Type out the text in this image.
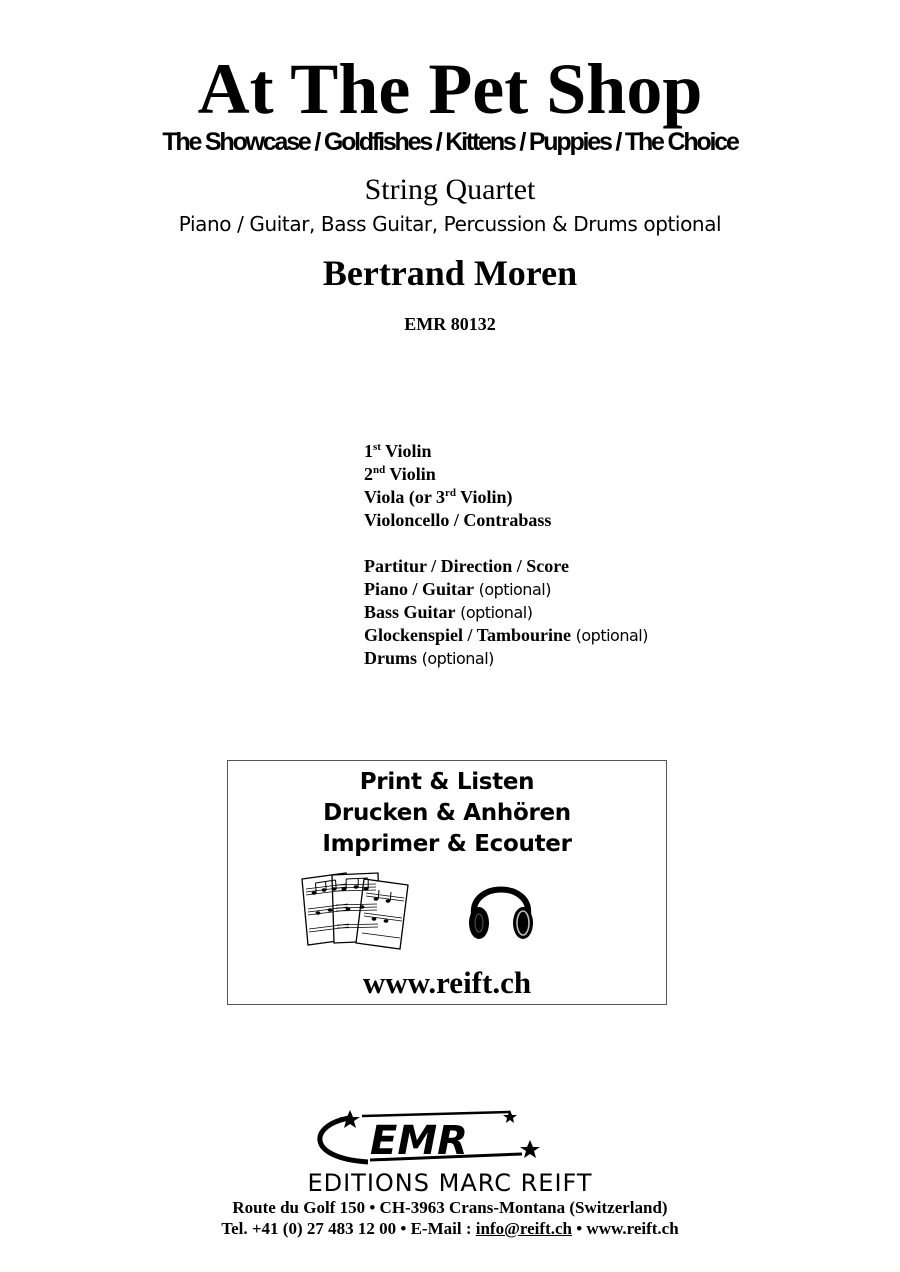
At The Pet Shop
The Showcase / Goldfishes / Kittens / Puppies / The Choice
String Quartet
Piano / Guitar, Bass Guitar, Percussion & Drums optional
Bertrand Moren
EMR 80132
1st Violin
2nd Violin
Viola (or 3rd Violin)
Violoncello / Contrabass
Partitur / Direction / Score
Piano / Guitar (optional)
Bass Guitar (optional)
Glockenspiel / Tambourine (optional)
Drums (optional)
Print & Listen
Drucken & Anhören
Imprimer & Ecouter
www.reift.ch
EMR
EDITIONS MARC REIFT
Route du Golf 150 • CH-3963 Crans-Montana (Switzerland)
Tel. +41 (0) 27 483 12 00 • E-Mail : info@reift.ch • www.reift.ch
